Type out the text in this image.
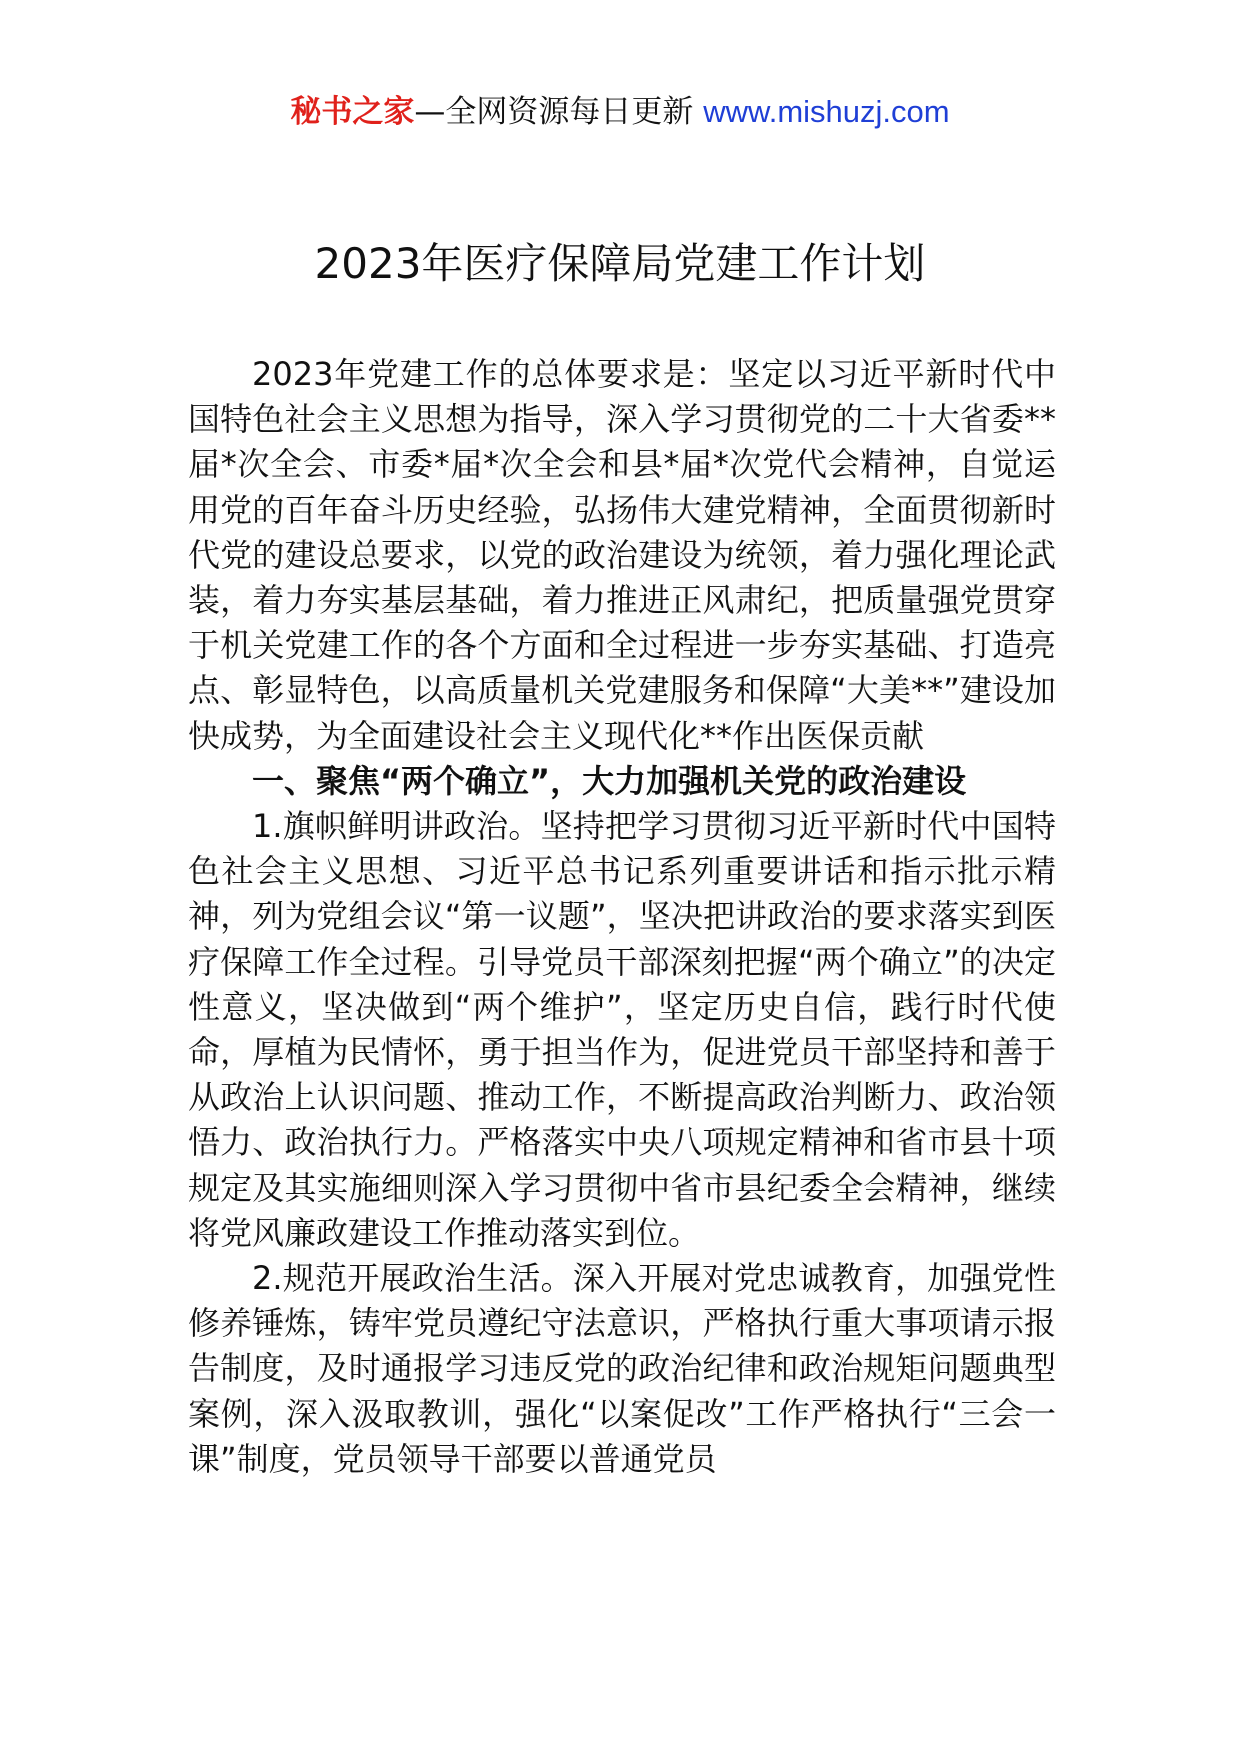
秘书之家—全网资源每日更新 www.mishuzj.com
2023年医疗保障局党建工作计划

2023年党建工作的总体要求是：坚定以习近平新时代中国特色社会主义思想为指导，深入学习贯彻党的二十大省委**届*次全会、市委*届*次全会和县*届*次党代会精神，自觉运用党的百年奋斗历史经验，弘扬伟大建党精神，全面贯彻新时代党的建设总要求，以党的政治建设为统领，着力强化理论武装，着力夯实基层基础，着力推进正风肃纪，把质量强党贯穿于机关党建工作的各个方面和全过程进一步夯实基础、打造亮点、彰显特色，以高质量机关党建服务和保障“大美**”建设加快成势，为全面建设社会主义现代化**作出医保贡献

一、聚焦“两个确立”，大力加强机关党的政治建设

1.旗帜鲜明讲政治。坚持把学习贯彻习近平新时代中国特色社会主义思想、习近平总书记系列重要讲话和指示批示精神，列为党组会议“第一议题”，坚决把讲政治的要求落实到医疗保障工作全过程。引导党员干部深刻把握“两个确立”的决定性意义，坚决做到“两个维护”，坚定历史自信，践行时代使命，厚植为民情怀，勇于担当作为，促进党员干部坚持和善于从政治上认识问题、推动工作，不断提高政治判断力、政治领悟力、政治执行力。严格落实中央八项规定精神和省市县十项规定及其实施细则深入学习贯彻中省市县纪委全会精神，继续将党风廉政建设工作推动落实到位。

2.规范开展政治生活。深入开展对党忠诚教育，加强党性修养锤炼，铸牢党员遵纪守法意识，严格执行重大事项请示报告制度，及时通报学习违反党的政治纪律和政治规矩问题典型案例，深入汲取教训，强化“以案促改”工作严格执行“三会一课”制度，党员领导干部要以普通党员
